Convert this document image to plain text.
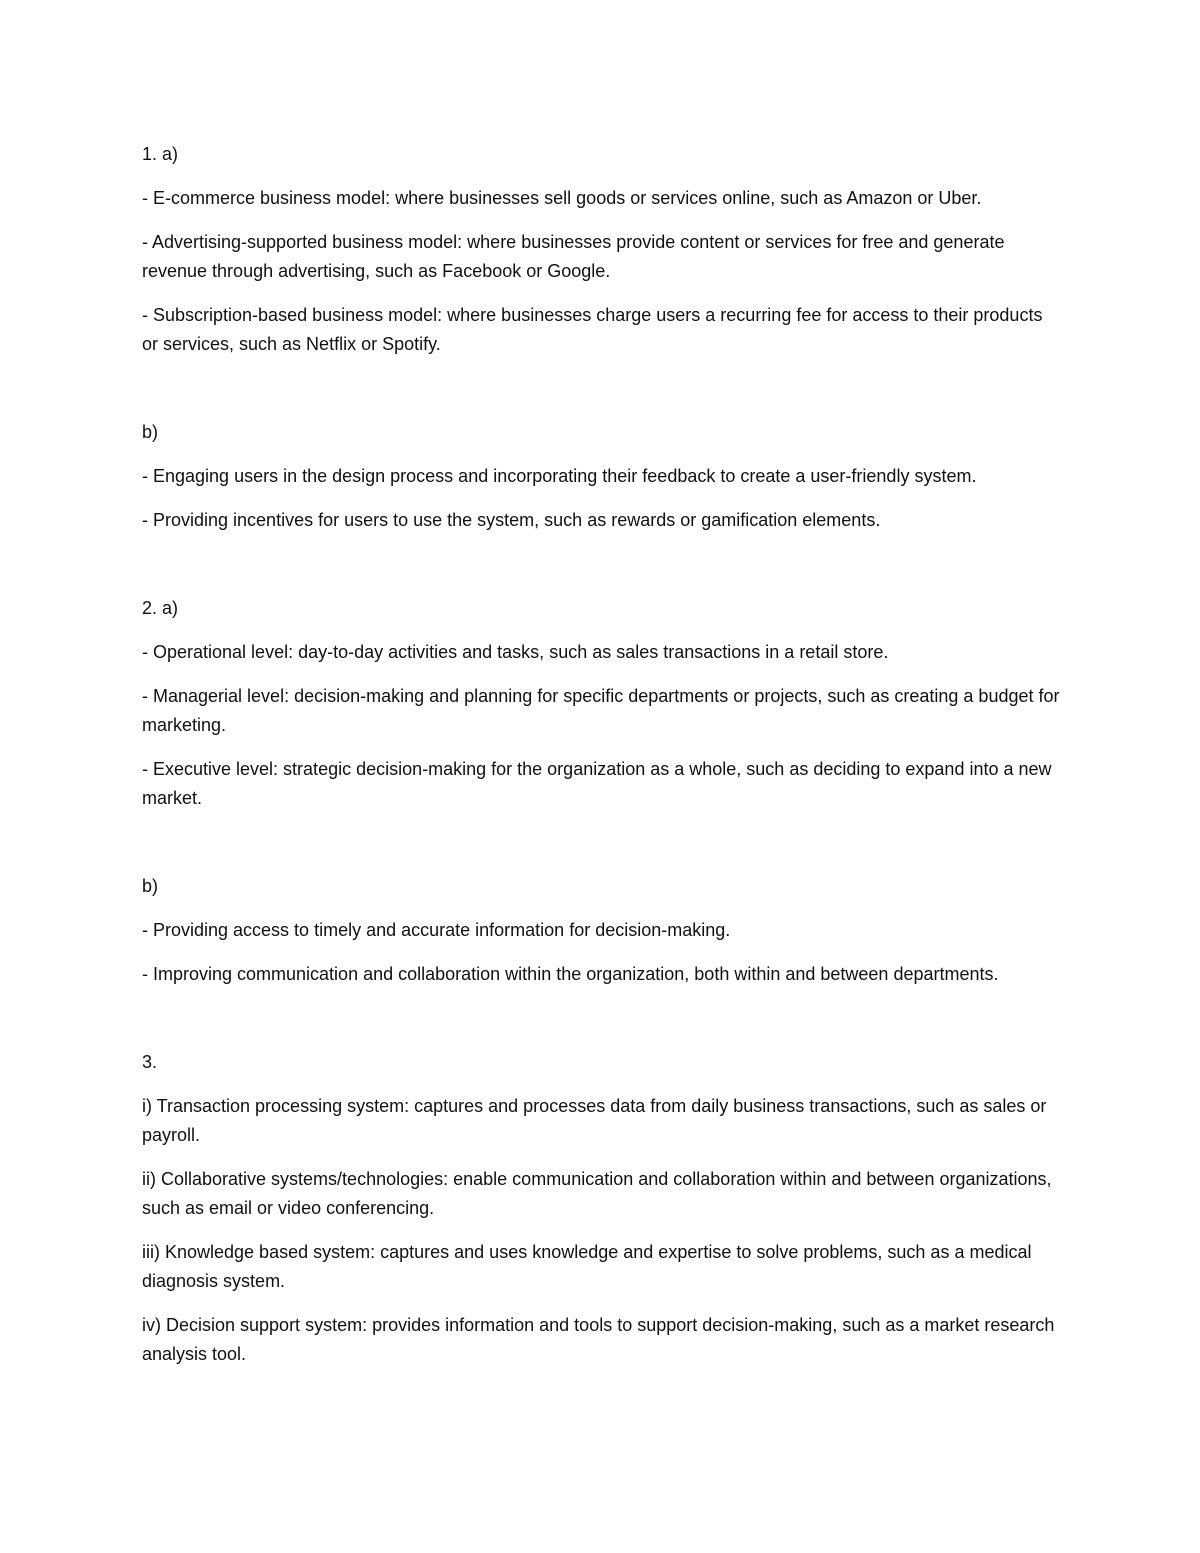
1. a)

- E-commerce business model: where businesses sell goods or services online, such as Amazon or Uber.

- Advertising-supported business model: where businesses provide content or services for free and generate revenue through advertising, such as Facebook or Google.

- Subscription-based business model: where businesses charge users a recurring fee for access to their products or services, such as Netflix or Spotify.

b)

- Engaging users in the design process and incorporating their feedback to create a user-friendly system.

- Providing incentives for users to use the system, such as rewards or gamification elements.

2. a)

- Operational level: day-to-day activities and tasks, such as sales transactions in a retail store.

- Managerial level: decision-making and planning for specific departments or projects, such as creating a budget for marketing.

- Executive level: strategic decision-making for the organization as a whole, such as deciding to expand into a new market.

b)

- Providing access to timely and accurate information for decision-making.

- Improving communication and collaboration within the organization, both within and between departments.

3.

i) Transaction processing system: captures and processes data from daily business transactions, such as sales or payroll.

ii) Collaborative systems/technologies: enable communication and collaboration within and between organizations, such as email or video conferencing.

iii) Knowledge based system: captures and uses knowledge and expertise to solve problems, such as a medical diagnosis system.

iv) Decision support system: provides information and tools to support decision-making, such as a market research analysis tool.
